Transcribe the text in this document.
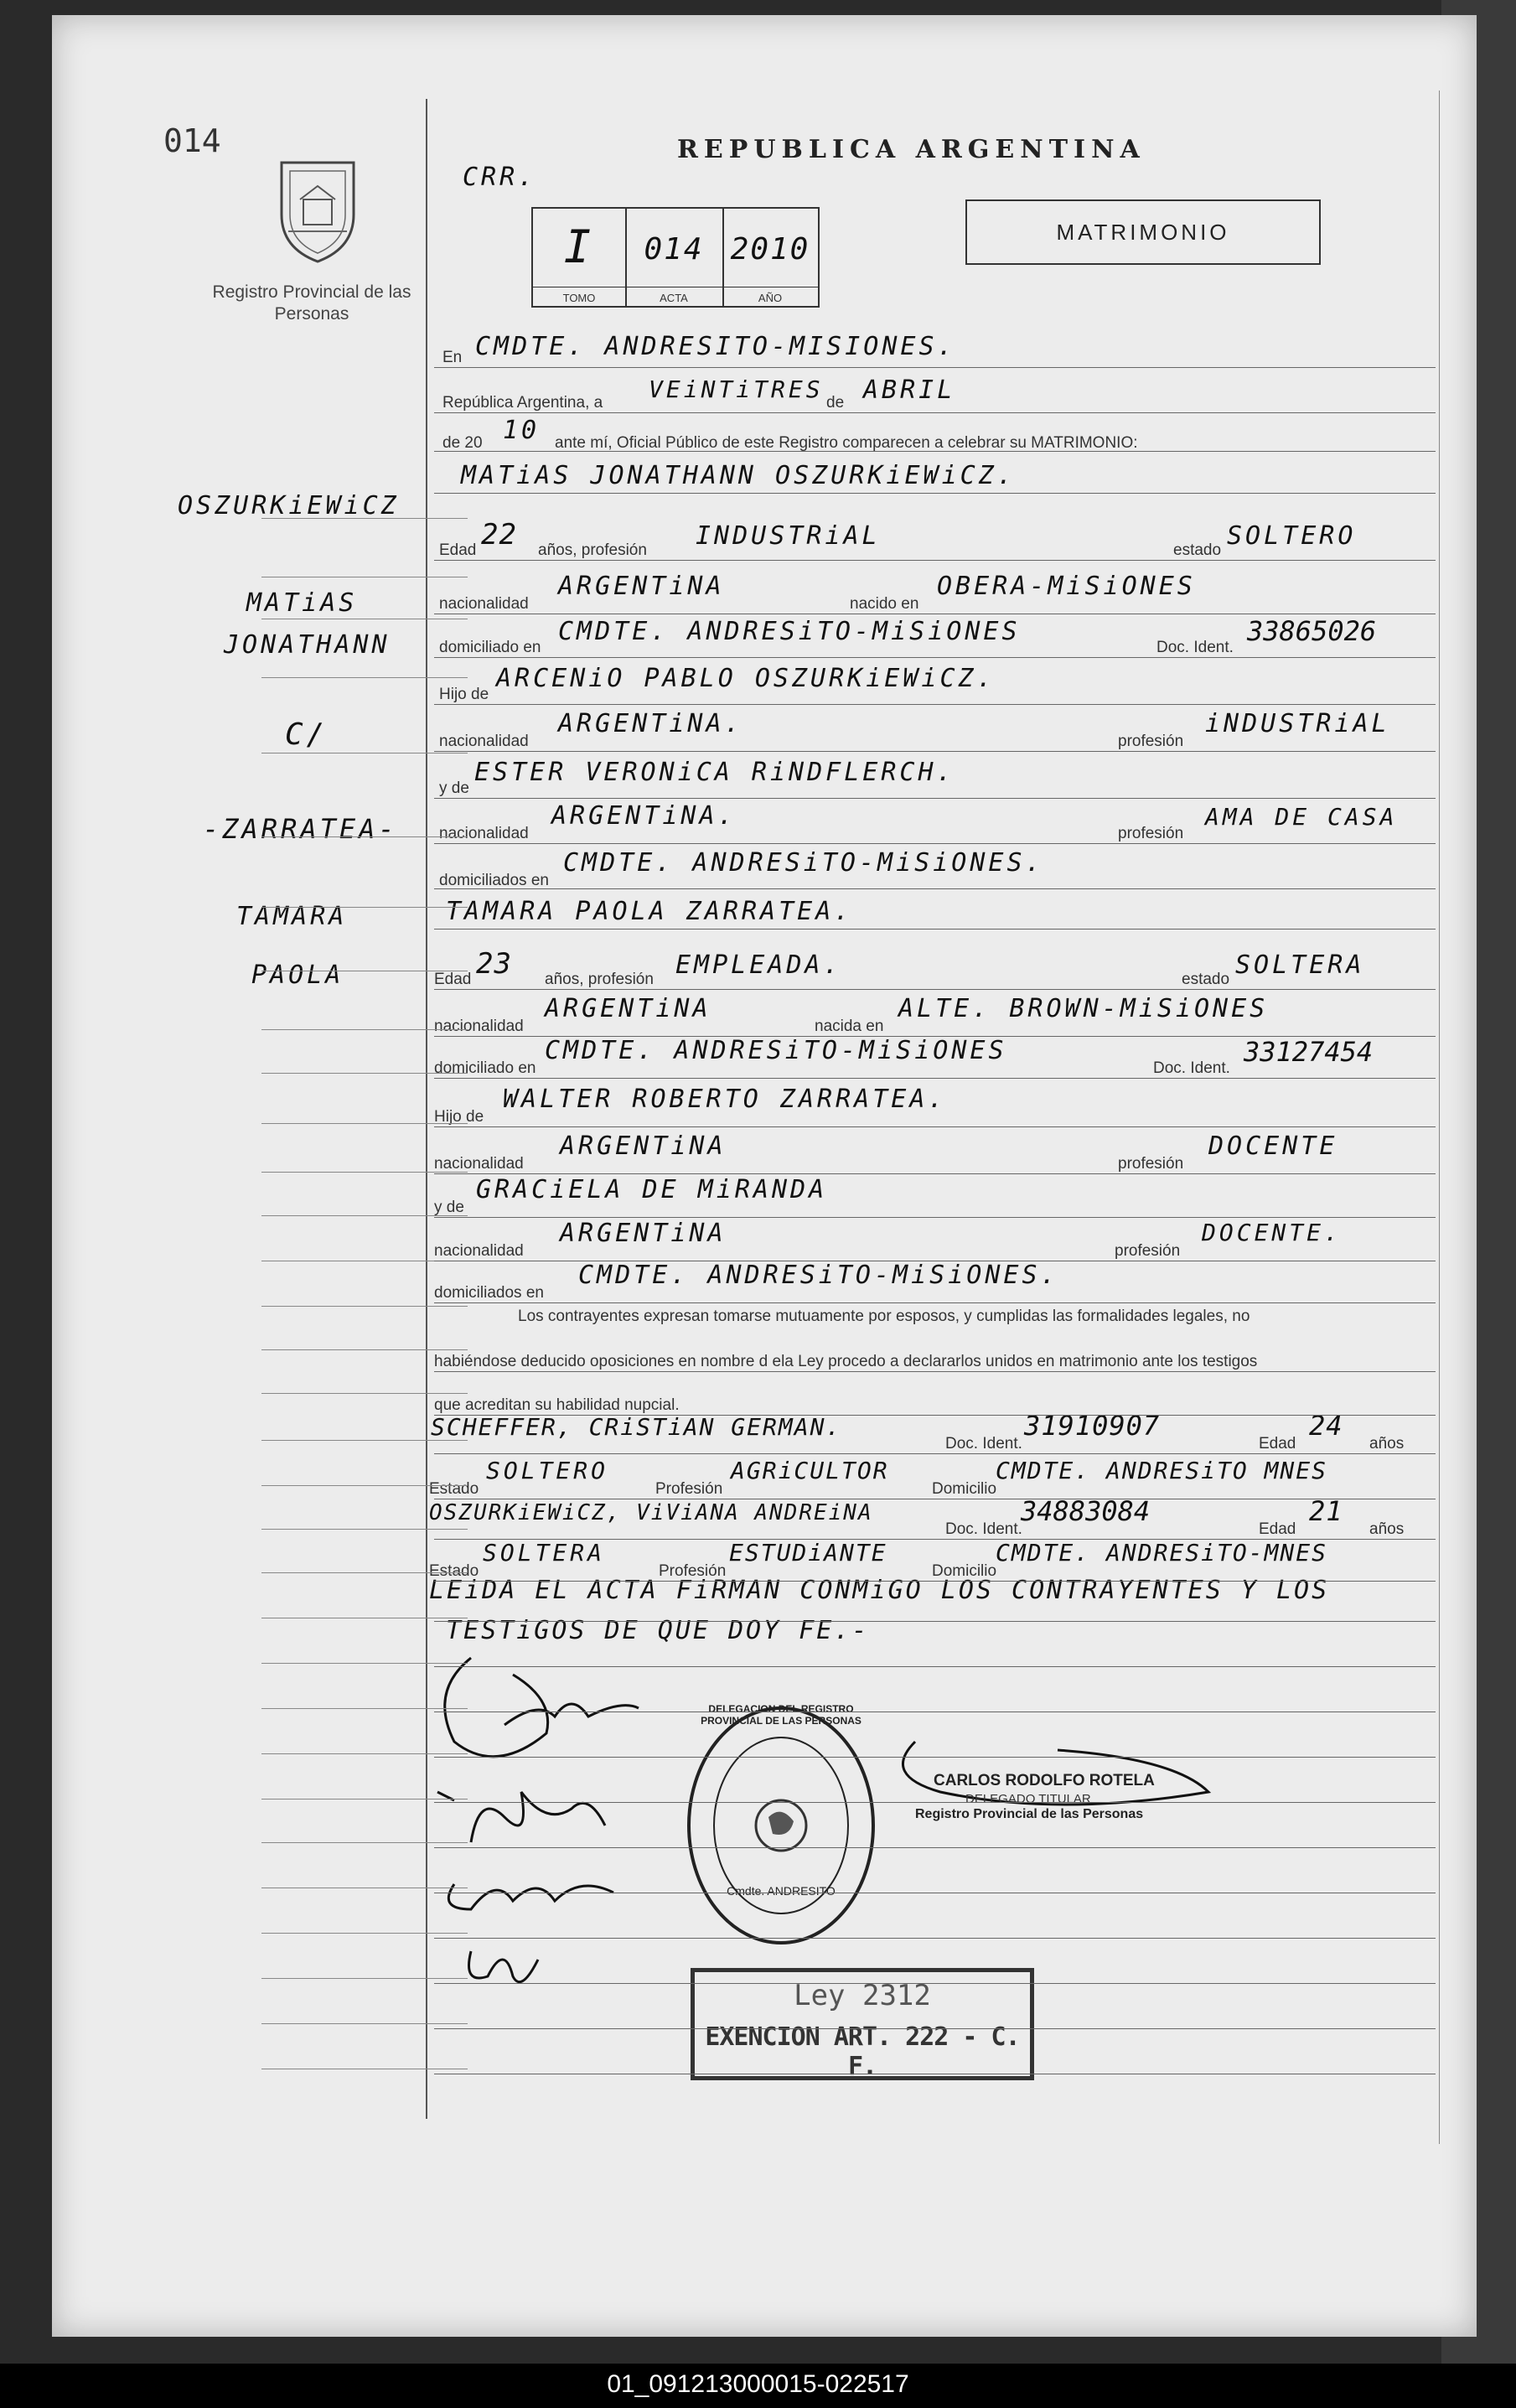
014
Registro Provincial de las Personas
CRR.
REPUBLICA ARGENTINA
I
TOMO
014
ACTA
2010
AÑO
MATRIMONIO
OSZURKiEWiCZ
MATiAS
JONATHANN
C/
-ZARRATEA-
TAMARA
PAOLA
En CMDTE. ANDRESITO-MISIONES.
República Argentina, a VEiNTiTRES de ABRIL
de 20 10 ante mí, Oficial Público de este Registro comparecen a celebrar su MATRIMONIO:
MATiAS JONATHANN OSZURKiEWiCZ.
Edad 22 años, profesión INDUSTRiAL	estado SOLTERO
nacionalidad
ARGENTiNA
nacido en
OBERA-MiSiONES
domiciliado en
CMDTE. ANDRESiTO-MiSiONES
Doc. Ident.
33865026
Hijo de
ARCENiO PABLO OSZURKiEWiCZ.
nacionalidad
ARGENTiNA.
profesión
iNDUSTRiAL
y de
ESTER VERONiCA RiNDFLERCH.
nacionalidad
ARGENTiNA.
profesión
AMA DE CASA
domiciliados en
CMDTE. ANDRESiTO-MiSiONES.
TAMARA PAOLA ZARRATEA.
Edad 23 años, profesión EMPLEADA.	estado SOLTERA
nacionalidad
ARGENTiNA
nacida en
ALTE. BROWN-MiSiONES
domiciliado en
CMDTE. ANDRESiTO-MiSiONES
Doc. Ident.
33127454
Hijo de
WALTER ROBERTO ZARRATEA.
nacionalidad
ARGENTiNA
profesión
DOCENTE
y de
GRACiELA DE MiRANDA
nacionalidad
ARGENTiNA
profesión
DOCENTE.
domiciliados en
CMDTE. ANDRESiTO-MiSiONES.
Los contrayentes expresan tomarse mutuamente por esposos, y cumplidas las formalidades legales, no
habiéndose deducido oposiciones en nombre d ela Ley procedo a declararlos unidos en matrimonio ante los testigos
que acreditan su habilidad nupcial.
SCHEFFER, CRiSTiAN GERMAN.
Doc. Ident.
31910907
Edad
24
años
Estado
SOLTERO
Profesión
AGRiCULTOR
Domicilio
CMDTE. ANDRESiTO MNES
OSZURKiEWiCZ, ViViANA ANDREiNA
Doc. Ident.
34883084
Edad
21
años
Estado
SOLTERA
Profesión
ESTUDiANTE
Domicilio
CMDTE. ANDRESiTO-MNES
LEiDA EL ACTA FiRMAN CONMiGO LOS CONTRAYENTES Y LOS
TESTiGOS DE QUE DOY FE.-
DELEGACION DEL REGISTRO PROVINCIAL DE LAS PERSONAS
Cmdte. ANDRESITO
CARLOS RODOLFO ROTELA
DELEGADO TITULAR
Registro Provincial de las Personas
Ley 2312
EXENCION ART. 222 - C. F.
01_091213000015-022517
